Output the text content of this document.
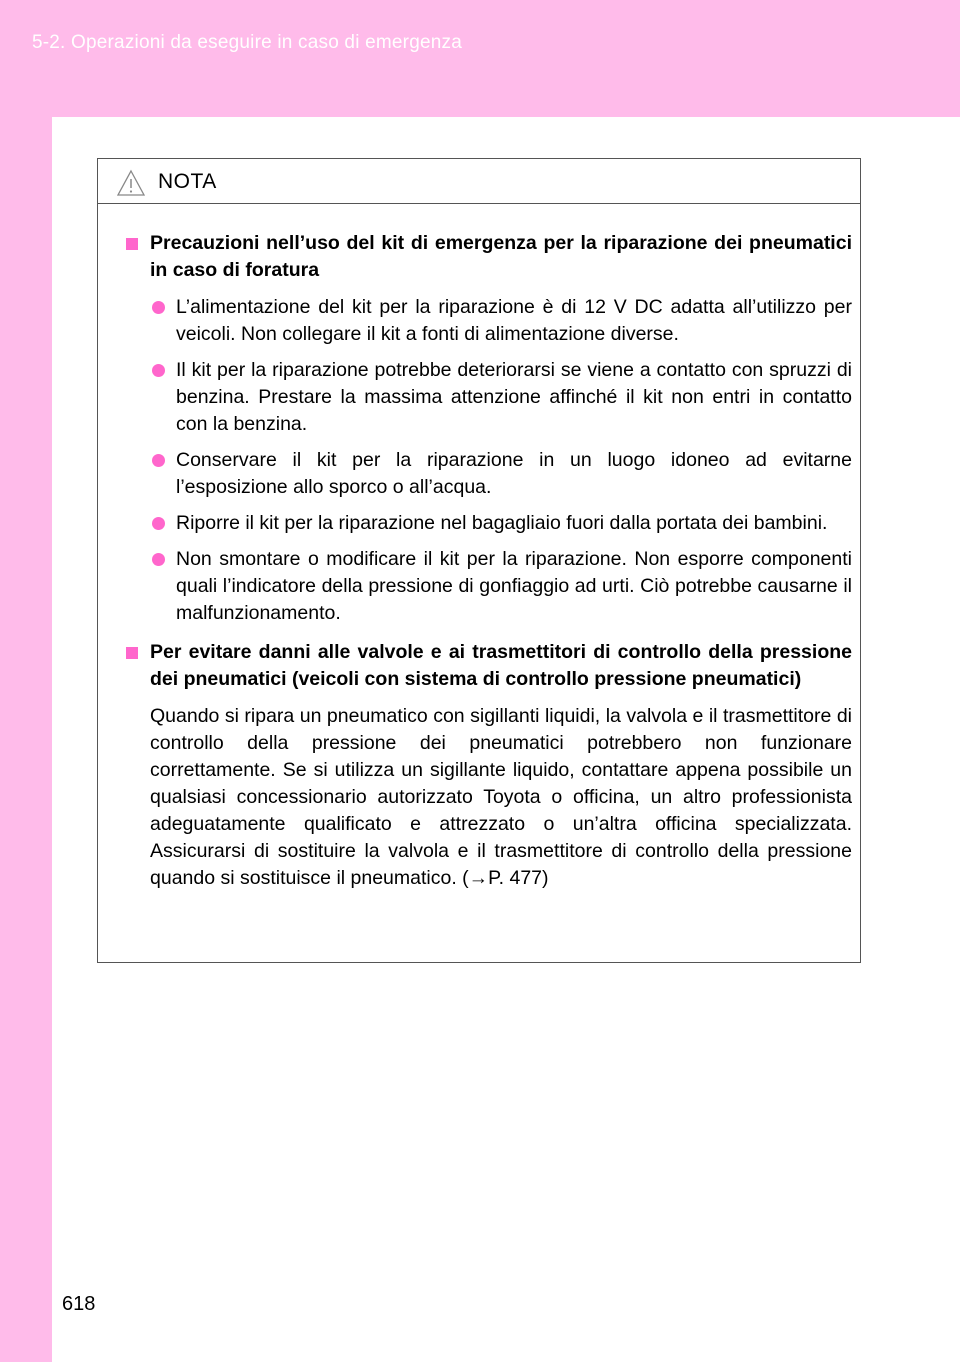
5-2. Operazioni da eseguire in caso di emergenza
NOTA
Precauzioni nell’uso del kit di emergenza per la riparazione dei pneumatici in caso di foratura
L’alimentazione del kit per la riparazione è di 12 V DC adatta all’utilizzo per veicoli. Non collegare il kit a fonti di alimentazione diverse.
Il kit per la riparazione potrebbe deteriorarsi se viene a contatto con spruzzi di benzina. Prestare la massima attenzione affinché il kit non entri in contatto con la benzina.
Conservare il kit per la riparazione in un luogo idoneo ad evitarne l’esposizione allo sporco o all’acqua.
Riporre il kit per la riparazione nel bagagliaio fuori dalla portata dei bambini.
Non smontare o modificare il kit per la riparazione. Non esporre componenti quali l’indicatore della pressione di gonfiaggio ad urti. Ciò potrebbe causarne il malfunzionamento.
Per evitare danni alle valvole e ai trasmettitori di controllo della pressione dei pneumatici (veicoli con sistema di controllo pressione pneumatici)
Quando si ripara un pneumatico con sigillanti liquidi, la valvola e il trasmettitore di controllo della pressione dei pneumatici potrebbero non funzionare correttamente. Se si utilizza un sigillante liquido, contattare appena possibile un qualsiasi concessionario autorizzato Toyota o officina, un altro professionista adeguatamente qualificato e attrezzato o un’altra officina specializzata. Assicurarsi di sostituire la valvola e il trasmettitore di controllo della pressione quando si sostituisce il pneumatico. (→P. 477)
618
